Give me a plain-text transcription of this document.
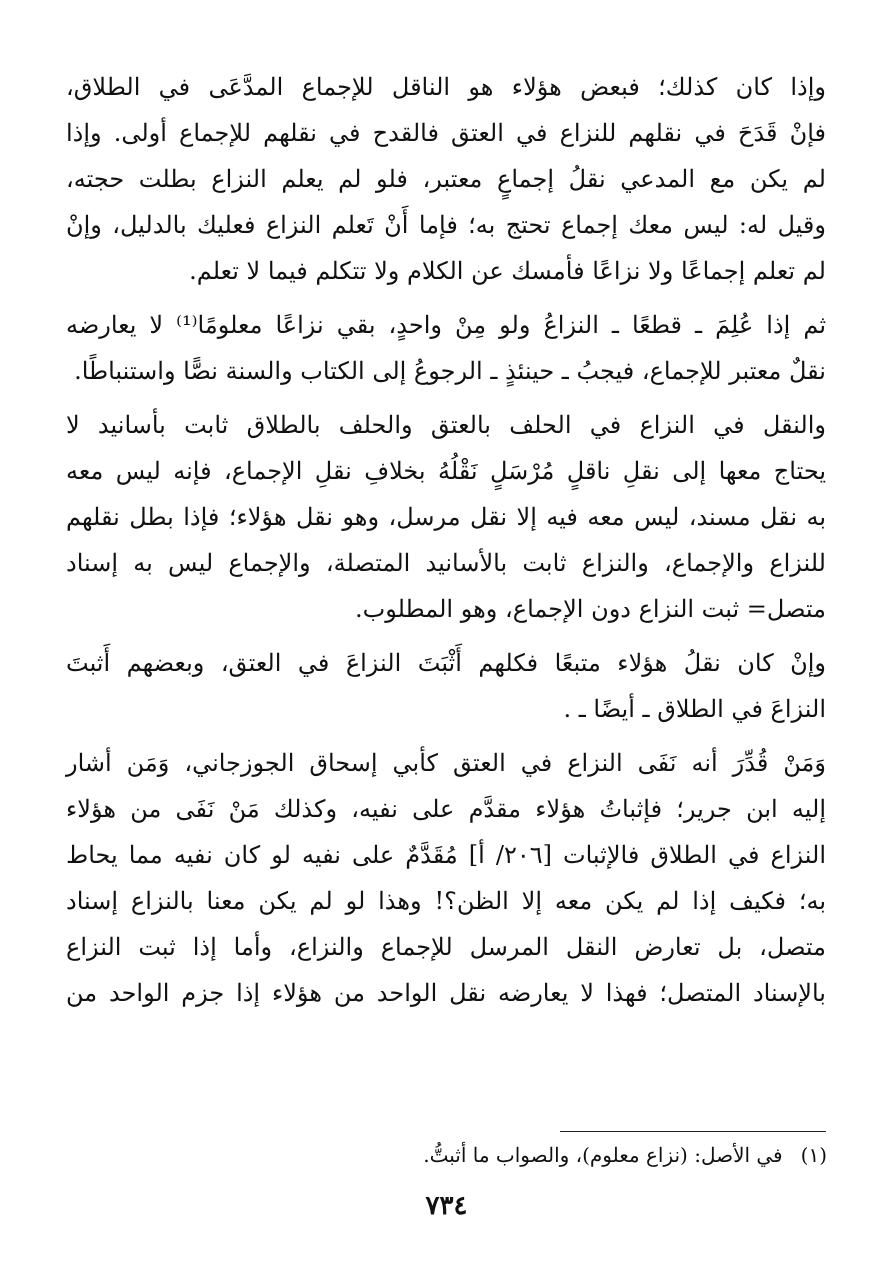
وإذا كان كذلك؛ فبعض هؤلاء هو الناقل للإجماع المدَّعَى في الطلاق،
فإنْ قَدَحَ في نقلهم للنزاع في العتق فالقدح في نقلهم للإجماع أولى. وإذا
لم يكن مع المدعي نقلُ إجماعٍ معتبر، فلو لم يعلم النزاع بطلت حجته،
وقيل له: ليس معك إجماع تحتج به؛ فإما أَنْ تَعلم النزاع فعليك بالدليل، وإنْ
لم تعلم إجماعًا ولا نزاعًا فأمسك عن الكلام ولا تتكلم فيما لا تعلم.
ثم إذا عُلِمَ ـ قطعًا ـ النزاعُ ولو مِنْ واحدٍ، بقي نزاعًا معلومًا⁽¹⁾ لا يعارضه
نقلٌ معتبر للإجماع، فيجبُ ـ حينئذٍ ـ الرجوعُ إلى الكتاب والسنة نصًّا واستنباطًا.
والنقل في النزاع في الحلف بالعتق والحلف بالطلاق ثابت بأسانيد لا
يحتاج معها إلى نقلِ ناقلٍ مُرْسَلٍ نَقْلُهُ بخلافِ نقلِ الإجماع، فإنه ليس معه
به نقل مسند، ليس معه فيه إلا نقل مرسل، وهو نقل هؤلاء؛ فإذا بطل نقلهم
للنزاع والإجماع، والنزاع ثابت بالأسانيد المتصلة، والإجماع ليس به إسناد
متصل= ثبت النزاع دون الإجماع، وهو المطلوب.
وإنْ كان نقلُ هؤلاء متبعًا فكلهم أَثْبَتَ النزاعَ في العتق، وبعضهم أَثبتَ
النزاعَ في الطلاق ـ أيضًا ـ .
وَمَنْ قُدِّرَ أنه نَفَى النزاع في العتق كأبي إسحاق الجوزجاني، وَمَن أشار
إليه ابن جرير؛ فإثباتُ هؤلاء مقدَّم على نفيه، وكذلك مَنْ نَفَى من هؤلاء
النزاع في الطلاق فالإثبات [٢٠٦/ أ] مُقَدَّمٌ على نفيه لو كان نفيه مما يحاط
به؛ فكيف إذا لم يكن معه إلا الظن؟! وهذا لو لم يكن معنا بالنزاع إسناد
متصل، بل تعارض النقل المرسل للإجماع والنزاع، وأما إذا ثبت النزاع
بالإسناد المتصل؛ فهذا لا يعارضه نقل الواحد من هؤلاء إذا جزم الواحد من
(١)في الأصل: (نزاع معلوم)، والصواب ما أثبتُّ.
٧٣٤
